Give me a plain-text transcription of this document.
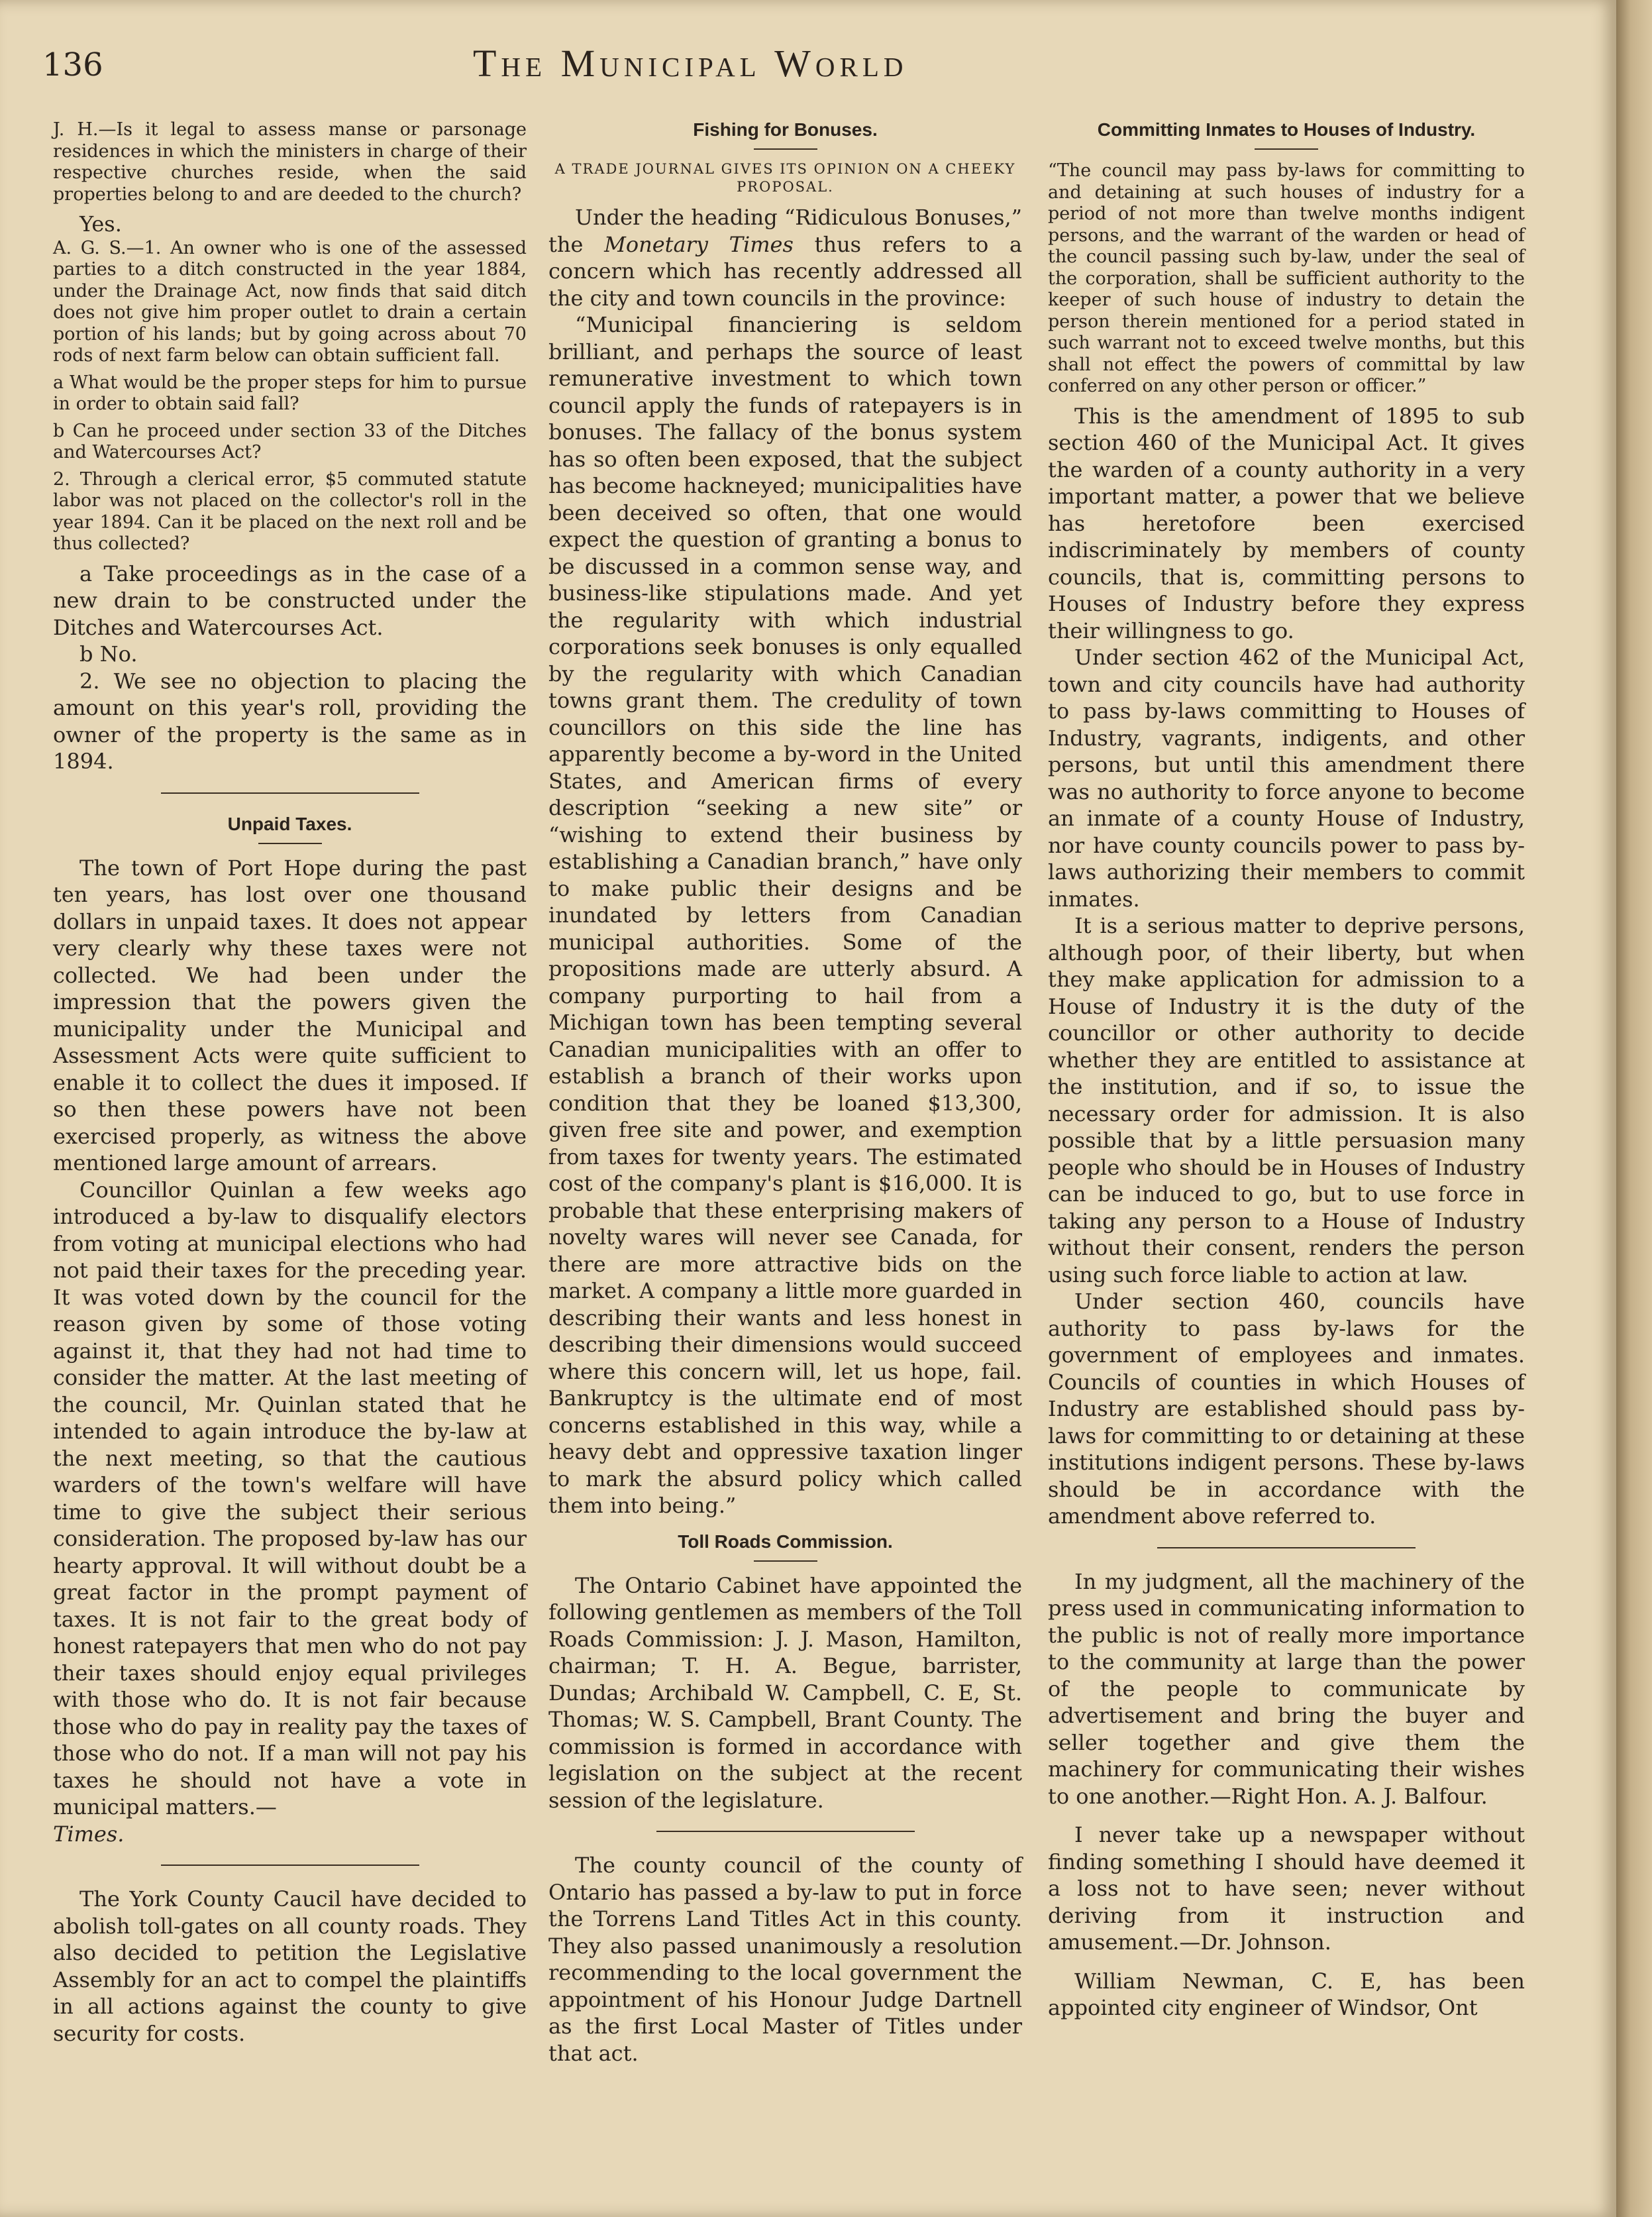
136	The Municipal World

J. H.—Is it legal to assess manse or parsonage residences in which the ministers in charge of their respective churches reside, when the said properties belong to and are deeded to the church?

Yes.

A. G. S.—1. An owner who is one of the assessed parties to a ditch constructed in the year 1884, under the Drainage Act, now finds that said ditch does not give him proper outlet to drain a certain portion of his lands; but by going across about 70 rods of next farm below can obtain sufficient fall.

a What would be the proper steps for him to pursue in order to obtain said fall?

b Can he proceed under section 33 of the Ditches and Watercourses Act?

2. Through a clerical error, $5 commuted statute labor was not placed on the collector's roll in the year 1894. Can it be placed on the next roll and be thus collected?

a Take proceedings as in the case of a new drain to be constructed under the Ditches and Watercourses Act.

b No.

2. We see no objection to placing the amount on this year's roll, providing the owner of the property is the same as in 1894.

Unpaid Taxes.

The town of Port Hope during the past ten years, has lost over one thousand dollars in unpaid taxes. It does not appear very clearly why these taxes were not collected. We had been under the impression that the powers given the municipality under the Municipal and Assessment Acts were quite sufficient to enable it to collect the dues it imposed. If so then these powers have not been exercised properly, as witness the above mentioned large amount of arrears.

Councillor Quinlan a few weeks ago introduced a by-law to disqualify electors from voting at municipal elections who had not paid their taxes for the preceding year. It was voted down by the council for the reason given by some of those voting against it, that they had not had time to consider the matter. At the last meeting of the council, Mr. Quinlan stated that he intended to again introduce the by-law at the next meeting, so that the cautious warders of the town's welfare will have time to give the subject their serious consideration. The proposed by-law has our hearty approval. It will without doubt be a great factor in the prompt payment of taxes. It is not fair to the great body of honest ratepayers that men who do not pay their taxes should enjoy equal privileges with those who do. It is not fair because those who do pay in reality pay the taxes of those who do not. If a man will not pay his taxes he should not have a vote in municipal matters.—
Times.

The York County Caucil have decided to abolish toll-gates on all county roads. They also decided to petition the Legislative Assembly for an act to compel the plaintiffs in all actions against the county to give security for costs.

Fishing for Bonuses.

A TRADE JOURNAL GIVES ITS OPINION ON A CHEEKY PROPOSAL.

Under the heading “Ridiculous Bonuses,” the Monetary Times thus refers to a concern which has recently addressed all the city and town councils in the province:

“Municipal financiering is seldom brilliant, and perhaps the source of least remunerative investment to which town council apply the funds of ratepayers is in bonuses. The fallacy of the bonus system has so often been exposed, that the subject has become hackneyed; municipalities have been deceived so often, that one would expect the question of granting a bonus to be discussed in a common sense way, and business-like stipulations made. And yet the regularity with which industrial corporations seek bonuses is only equalled by the regularity with which Canadian towns grant them. The credulity of town councillors on this side the line has apparently become a by-word in the United States, and American firms of every description “seeking a new site” or “wishing to extend their business by establishing a Canadian branch,” have only to make public their designs and be inundated by letters from Canadian municipal authorities. Some of the propositions made are utterly absurd. A company purporting to hail from a Michigan town has been tempting several Canadian municipalities with an offer to establish a branch of their works upon condition that they be loaned $13,300, given free site and power, and exemption from taxes for twenty years. The estimated cost of the company's plant is $16,000. It is probable that these enterprising makers of novelty wares will never see Canada, for there are more attractive bids on the market. A company a little more guarded in describing their wants and less honest in describing their dimensions would succeed where this concern will, let us hope, fail. Bankruptcy is the ultimate end of most concerns established in this way, while a heavy debt and oppressive taxation linger to mark the absurd policy which called them into being.”

Toll Roads Commission.

The Ontario Cabinet have appointed the following gentlemen as members of the Toll Roads Commission: J. J. Mason, Hamilton, chairman; T. H. A. Begue, barrister, Dundas; Archibald W. Campbell, C. E, St. Thomas; W. S. Campbell, Brant County. The commission is formed in accordance with legislation on the subject at the recent session of the legislature.

The county council of the county of Ontario has passed a by-law to put in force the Torrens Land Titles Act in this county. They also passed unanimously a resolution recommending to the local government the appointment of his Honour Judge Dartnell as the first Local Master of Titles under that act.

Committing Inmates to Houses of Industry.

“The council may pass by-laws for committing to and detaining at such houses of industry for a period of not more than twelve months indigent persons, and the warrant of the warden or head of the council passing such by-law, under the seal of the corporation, shall be sufficient authority to the keeper of such house of industry to detain the person therein mentioned for a period stated in such warrant not to exceed twelve months, but this shall not effect the powers of committal by law conferred on any other person or officer.”

This is the amendment of 1895 to sub section 460 of the Municipal Act. It gives the warden of a county authority in a very important matter, a power that we believe has heretofore been exercised indiscriminately by members of county councils, that is, committing persons to Houses of Industry before they express their willingness to go.

Under section 462 of the Municipal Act, town and city councils have had authority to pass by-laws committing to Houses of Industry, vagrants, indigents, and other persons, but until this amendment there was no authority to force anyone to become an inmate of a county House of Industry, nor have county councils power to pass by-laws authorizing their members to commit inmates.

It is a serious matter to deprive persons, although poor, of their liberty, but when they make application for admission to a House of Industry it is the duty of the councillor or other authority to decide whether they are entitled to assistance at the institution, and if so, to issue the necessary order for admission. It is also possible that by a little persuasion many people who should be in Houses of Industry can be induced to go, but to use force in taking any person to a House of Industry without their consent, renders the person using such force liable to action at law.

Under section 460, councils have authority to pass by-laws for the government of employees and inmates. Councils of counties in which Houses of Industry are established should pass by-laws for committing to or detaining at these institutions indigent persons. These by-laws should be in accordance with the amendment above referred to.

In my judgment, all the machinery of the press used in communicating information to the public is not of really more importance to the community at large than the power of the people to communicate by advertisement and bring the buyer and seller together and give them the machinery for communicating their wishes to one another.—Right Hon. A. J. Balfour.

I never take up a newspaper without finding something I should have deemed it a loss not to have seen; never without deriving from it instruction and amusement.—Dr. Johnson.

William Newman, C. E, has been appointed city engineer of Windsor, Ont
